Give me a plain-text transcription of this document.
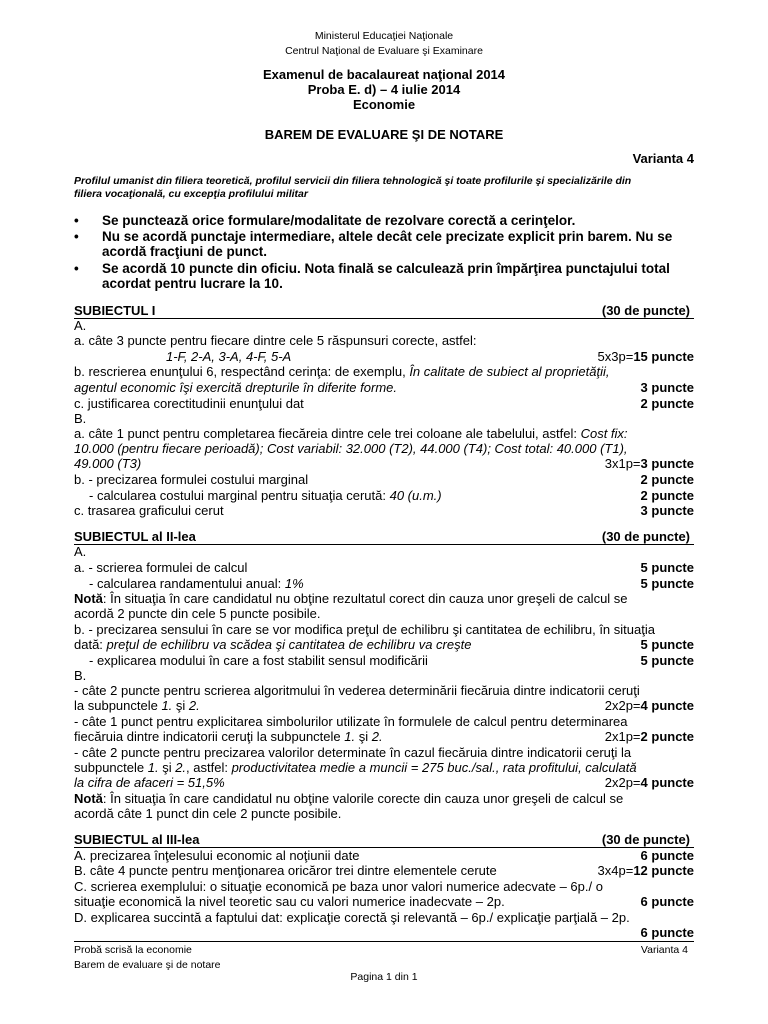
Ministerul Educaţiei Naţionale
Centrul Naţional de Evaluare şi Examinare
Examenul de bacalaureat naţional 2014
Proba E. d) – 4 iulie 2014
Economie
BAREM DE EVALUARE ŞI DE NOTARE
Varianta 4
Profilul umanist din filiera teoretică, profilul servicii din filiera tehnologică şi toate profilurile şi specializările din
filiera vocaţională, cu excepţia profilului militar
• Se punctează orice formulare/modalitate de rezolvare corectă a cerinţelor.
• Nu se acordă punctaje intermediare, altele decât cele precizate explicit prin barem. Nu se acordă fracţiuni de punct.
• Se acordă 10 puncte din oficiu. Nota finală se calculează prin împărţirea punctajului total acordat pentru lucrare la 10.
SUBIECTUL I	(30 de puncte)
A.
a. câte 3 puncte pentru fiecare dintre cele 5 răspunsuri corecte, astfel:
1-F, 2-A, 3-A, 4-F, 5-A	5x3p=15 puncte
b. rescrierea enunţului 6, respectând cerinţa: de exemplu, În calitate de subiect al proprietăţii,
agentul economic îşi exercită drepturile în diferite forme.	3 puncte
c. justificarea corectitudinii enunţului dat	2 puncte
B.
a. câte 1 punct pentru completarea fiecăreia dintre cele trei coloane ale tabelului, astfel: Cost fix:
10.000 (pentru fiecare perioadă); Cost variabil: 32.000 (T2), 44.000 (T4); Cost total: 40.000 (T1),
49.000 (T3)	3x1p=3 puncte
b. - precizarea formulei costului marginal	2 puncte
- calcularea costului marginal pentru situaţia cerută: 40 (u.m.)	2 puncte
c. trasarea graficului cerut	3 puncte
SUBIECTUL al II-lea	(30 de puncte)
A.
a. - scrierea formulei de calcul	5 puncte
- calcularea randamentului anual: 1%	5 puncte
Notă: În situaţia în care candidatul nu obţine rezultatul corect din cauza unor greşeli de calcul se
acordă 2 puncte din cele 5 puncte posibile.
b. - precizarea sensului în care se vor modifica preţul de echilibru şi cantitatea de echilibru, în situaţia
dată: preţul de echilibru va scădea şi cantitatea de echilibru va creşte	5 puncte
- explicarea modului în care a fost stabilit sensul modificării	5 puncte
B.
- câte 2 puncte pentru scrierea algoritmului în vederea determinării fiecăruia dintre indicatorii ceruţi
la subpunctele 1. şi 2.	2x2p=4 puncte
- câte 1 punct pentru explicitarea simbolurilor utilizate în formulele de calcul pentru determinarea
fiecăruia dintre indicatorii ceruţi la subpunctele 1. şi 2.	2x1p=2 puncte
- câte 2 puncte pentru precizarea valorilor determinate în cazul fiecăruia dintre indicatorii ceruţi la
subpunctele 1. şi 2., astfel: productivitatea medie a muncii = 275 buc./sal., rata profitului, calculată
la cifra de afaceri = 51,5%	2x2p=4 puncte
Notă: În situaţia în care candidatul nu obţine valorile corecte din cauza unor greşeli de calcul se
acordă câte 1 punct din cele 2 puncte posibile.
SUBIECTUL al III-lea	(30 de puncte)
A. precizarea înţelesului economic al noţiunii date	6 puncte
B. câte 4 puncte pentru menţionarea oricăror trei dintre elementele cerute	3x4p=12 puncte
C. scrierea exemplului: o situaţie economică pe baza unor valori numerice adecvate – 6p./ o
situaţie economică la nivel teoretic sau cu valori numerice inadecvate – 2p.	6 puncte
D. explicarea succintă a faptului dat: explicaţie corectă şi relevantă – 6p./ explicaţie parţială – 2p.
6 puncte
Probă scrisă la economie	Varianta 4
Barem de evaluare şi de notare
Pagina 1 din 1
